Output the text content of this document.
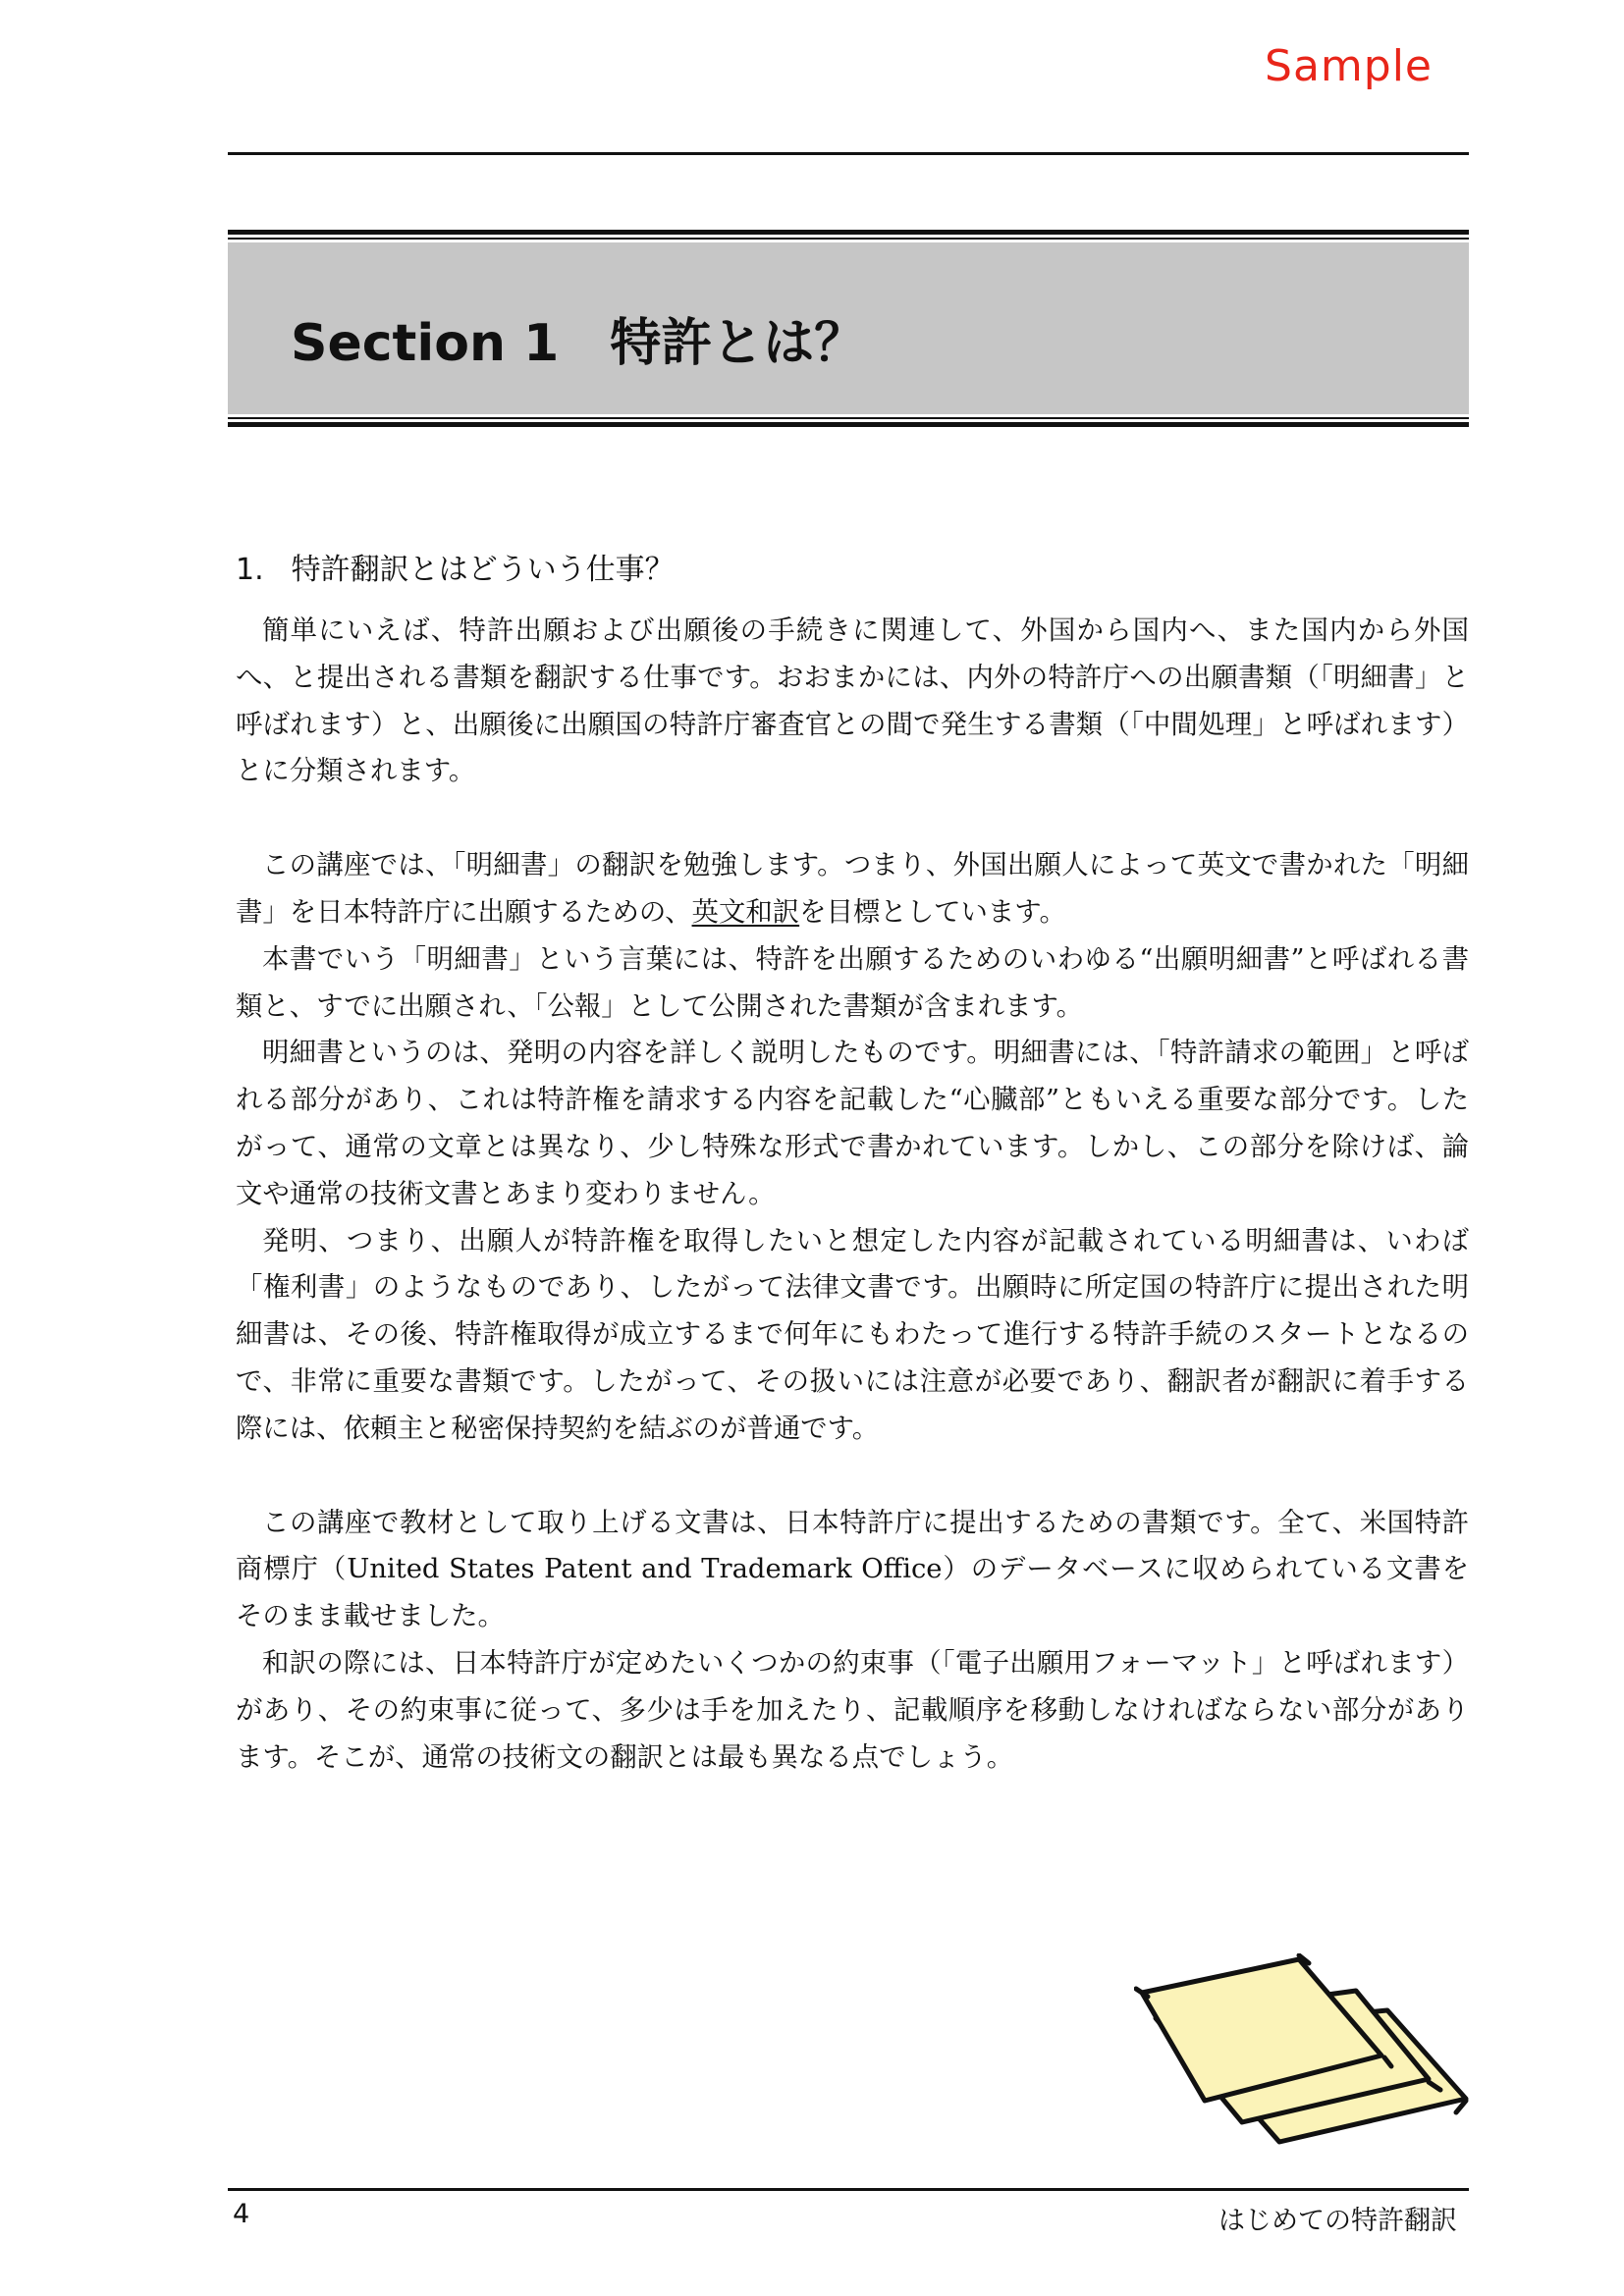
Sample
Section 1　特許とは？
1. 特許翻訳とはどういう仕事？

簡単にいえば、特許出願および出願後の手続きに関連して、外国から国内へ、また国内から外国へ、と提出される書類を翻訳する仕事です。おおまかには、内外の特許庁への出願書類（「明細書」と呼ばれます）と、出願後に出願国の特許庁審査官との間で発生する書類（「中間処理」と呼ばれます）とに分類されます。

この講座では、「明細書」の翻訳を勉強します。つまり、外国出願人によって英文で書かれた「明細書」を日本特許庁に出願するための、英文和訳を目標としています。

本書でいう「明細書」という言葉には、特許を出願するためのいわゆる“出願明細書”と呼ばれる書類と、すでに出願され、「公報」として公開された書類が含まれます。

明細書というのは、発明の内容を詳しく説明したものです。明細書には、「特許請求の範囲」と呼ばれる部分があり、これは特許権を請求する内容を記載した“心臓部”ともいえる重要な部分です。したがって、通常の文章とは異なり、少し特殊な形式で書かれています。しかし、この部分を除けば、論文や通常の技術文書とあまり変わりません。

発明、つまり、出願人が特許権を取得したいと想定した内容が記載されている明細書は、いわば「権利書」のようなものであり、したがって法律文書です。出願時に所定国の特許庁に提出された明細書は、その後、特許権取得が成立するまで何年にもわたって進行する特許手続のスタートとなるので、非常に重要な書類です。したがって、その扱いには注意が必要であり、翻訳者が翻訳に着手する際には、依頼主と秘密保持契約を結ぶのが普通です。

この講座で教材として取り上げる文書は、日本特許庁に提出するための書類です。全て、米国特許商標庁（United States Patent and Trademark Office）のデータベースに収められている文書をそのまま載せました。

和訳の際には、日本特許庁が定めたいくつかの約束事（「電子出願用フォーマット」と呼ばれます）があり、その約束事に従って、多少は手を加えたり、記載順序を移動しなければならない部分があります。そこが、通常の技術文の翻訳とは最も異なる点でしょう。

4	はじめての特許翻訳
